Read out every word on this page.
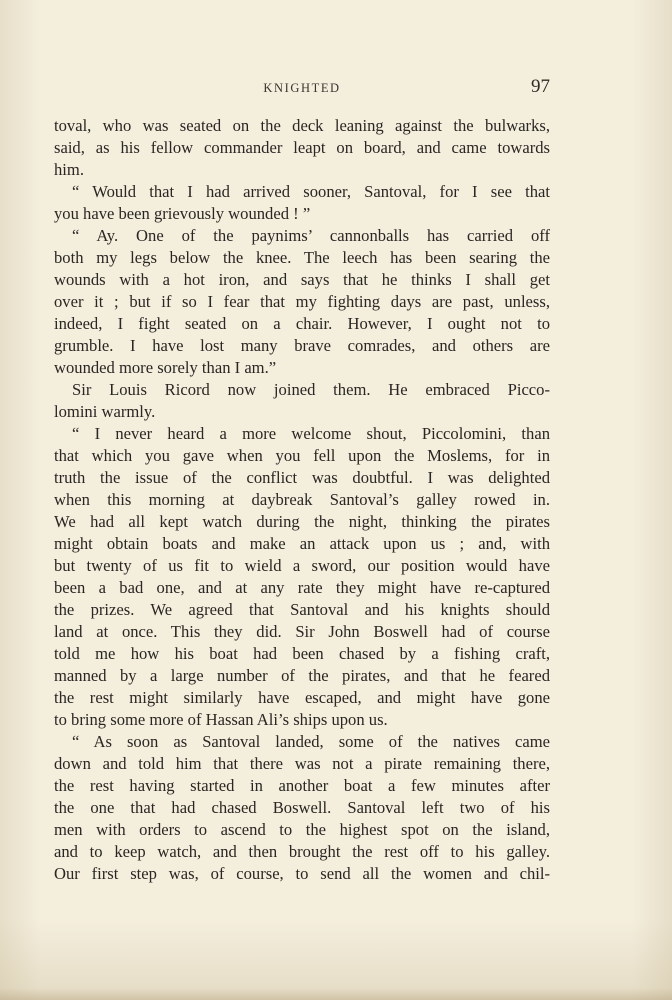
KNIGHTED	97
toval, who was seated on the deck leaning against the bulwarks,
said, as his fellow commander leapt on board, and came towards
him.
“ Would that I had arrived sooner, Santoval, for I see that
you have been grievously wounded ! ”
“ Ay. One of the paynims’ cannonballs has carried off
both my legs below the knee. The leech has been searing the
wounds with a hot iron, and says that he thinks I shall get
over it ; but if so I fear that my fighting days are past, unless,
indeed, I fight seated on a chair. However, I ought not to
grumble. I have lost many brave comrades, and others are
wounded more sorely than I am.”
Sir Louis Ricord now joined them. He embraced Picco-
lomini warmly.
“ I never heard a more welcome shout, Piccolomini, than
that which you gave when you fell upon the Moslems, for in
truth the issue of the conflict was doubtful. I was delighted
when this morning at daybreak Santoval’s galley rowed in.
We had all kept watch during the night, thinking the pirates
might obtain boats and make an attack upon us ; and, with
but twenty of us fit to wield a sword, our position would have
been a bad one, and at any rate they might have re-captured
the prizes. We agreed that Santoval and his knights should
land at once. This they did. Sir John Boswell had of course
told me how his boat had been chased by a fishing craft,
manned by a large number of the pirates, and that he feared
the rest might similarly have escaped, and might have gone
to bring some more of Hassan Ali’s ships upon us.
“ As soon as Santoval landed, some of the natives came
down and told him that there was not a pirate remaining there,
the rest having started in another boat a few minutes after
the one that had chased Boswell. Santoval left two of his
men with orders to ascend to the highest spot on the island,
and to keep watch, and then brought the rest off to his galley.
Our first step was, of course, to send all the women and chil-
